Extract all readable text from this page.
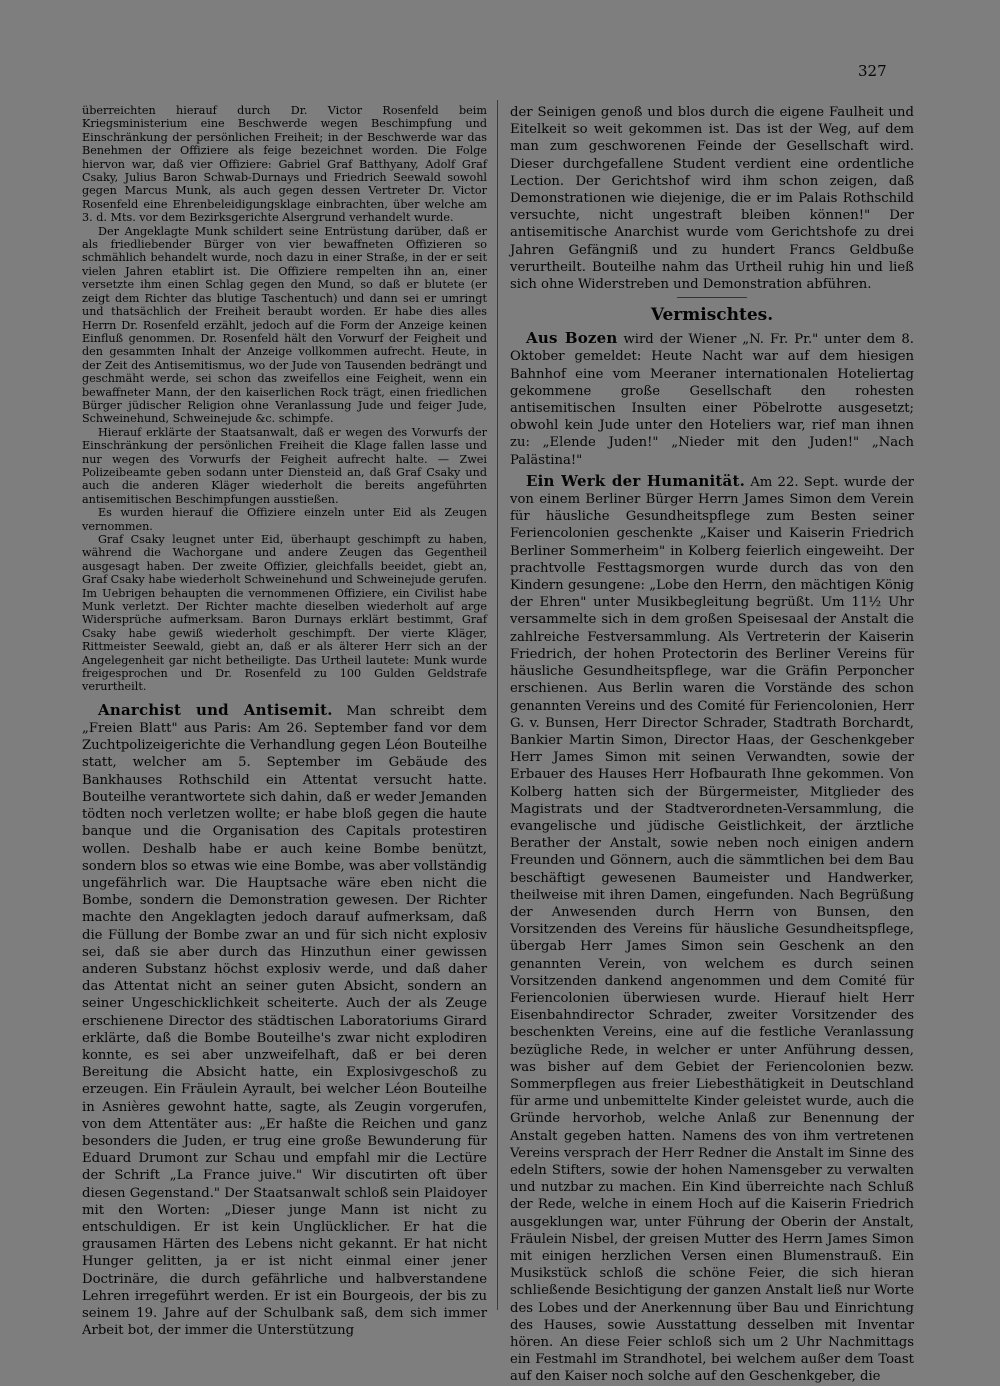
327

überreichten hierauf durch Dr. Victor Rosenfeld beim Kriegsministerium eine Beschwerde wegen Beschimpfung und Einschränkung der persönlichen Freiheit; in der Beschwerde war das Benehmen der Offiziere als feige bezeichnet worden. Die Folge hiervon war, daß vier Offiziere: Gabriel Graf Batthyany, Adolf Graf Csaky, Julius Baron Schwab-Durnays und Friedrich Seewald sowohl gegen Marcus Munk, als auch gegen dessen Vertreter Dr. Victor Rosenfeld eine Ehrenbeleidigungsklage einbrachten, über welche am 3. d. Mts. vor dem Bezirksgerichte Alsergrund verhandelt wurde.

Der Angeklagte Munk schildert seine Entrüstung darüber, daß er als friedliebender Bürger von vier bewaffneten Offizieren so schmählich behandelt wurde, noch dazu in einer Straße, in der er seit vielen Jahren etablirt ist. Die Offiziere rempelten ihn an, einer versetzte ihm einen Schlag gegen den Mund, so daß er blutete (er zeigt dem Richter das blutige Taschentuch) und dann sei er umringt und thatsächlich der Freiheit beraubt worden. Er habe dies alles Herrn Dr. Rosenfeld erzählt, jedoch auf die Form der Anzeige keinen Einfluß genommen. Dr. Rosenfeld hält den Vorwurf der Feigheit und den gesammten Inhalt der Anzeige vollkommen aufrecht. Heute, in der Zeit des Antisemitismus, wo der Jude von Tausenden bedrängt und geschmäht werde, sei schon das zweifellos eine Feigheit, wenn ein bewaffneter Mann, der den kaiserlichen Rock trägt, einen friedlichen Bürger jüdischer Religion ohne Veranlassung Jude und feiger Jude, Schweinehund, Schweinejude &c. schimpfe.

Hierauf erklärte der Staatsanwalt, daß er wegen des Vorwurfs der Einschränkung der persönlichen Freiheit die Klage fallen lasse und nur wegen des Vorwurfs der Feigheit aufrecht halte. — Zwei Polizeibeamte geben sodann unter Diensteid an, daß Graf Csaky und auch die anderen Kläger wiederholt die bereits angeführten antisemitischen Beschimpfungen ausstießen.

Es wurden hierauf die Offiziere einzeln unter Eid als Zeugen vernommen.

Graf Csaky leugnet unter Eid, überhaupt geschimpft zu haben, während die Wachorgane und andere Zeugen das Gegentheil ausgesagt haben. Der zweite Offizier, gleichfalls beeidet, giebt an, Graf Csaky habe wiederholt Schweinehund und Schweinejude gerufen. Im Uebrigen behaupten die vernommenen Offiziere, ein Civilist habe Munk verletzt. Der Richter machte dieselben wiederholt auf arge Widersprüche aufmerksam. Baron Durnays erklärt bestimmt, Graf Csaky habe gewiß wiederholt geschimpft. Der vierte Kläger, Rittmeister Seewald, giebt an, daß er als älterer Herr sich an der Angelegenheit gar nicht betheiligte. Das Urtheil lautete: Munk wurde freigesprochen und Dr. Rosenfeld zu 100 Gulden Geldstrafe verurtheilt.

Anarchist und Antisemit. Man schreibt dem „Freien Blatt" aus Paris: Am 26. September fand vor dem Zuchtpolizeigerichte die Verhandlung gegen Léon Bouteilhe statt, welcher am 5. September im Gebäude des Bankhauses Rothschild ein Attentat versucht hatte. Bouteilhe verantwortete sich dahin, daß er weder Jemanden tödten noch verletzen wollte; er habe bloß gegen die haute banque und die Organisation des Capitals protestiren wollen. Deshalb habe er auch keine Bombe benützt, sondern blos so etwas wie eine Bombe, was aber vollständig ungefährlich war. Die Hauptsache wäre eben nicht die Bombe, sondern die Demonstration gewesen. Der Richter machte den Angeklagten jedoch darauf aufmerksam, daß die Füllung der Bombe zwar an und für sich nicht explosiv sei, daß sie aber durch das Hinzuthun einer gewissen anderen Substanz höchst explosiv werde, und daß daher das Attentat nicht an seiner guten Absicht, sondern an seiner Ungeschicklichkeit scheiterte. Auch der als Zeuge erschienene Director des städtischen Laboratoriums Girard erklärte, daß die Bombe Bouteilhe's zwar nicht explodiren konnte, es sei aber unzweifelhaft, daß er bei deren Bereitung die Absicht hatte, ein Explosivgeschoß zu erzeugen. Ein Fräulein Ayrault, bei welcher Léon Bouteilhe in Asnières gewohnt hatte, sagte, als Zeugin vorgerufen, von dem Attentäter aus: „Er haßte die Reichen und ganz besonders die Juden, er trug eine große Bewunderung für Eduard Drumont zur Schau und empfahl mir die Lectüre der Schrift „La France juive." Wir discutirten oft über diesen Gegenstand." Der Staatsanwalt schloß sein Plaidoyer mit den Worten: „Dieser junge Mann ist nicht zu entschuldigen. Er ist kein Unglücklicher. Er hat die grausamen Härten des Lebens nicht gekannt. Er hat nicht Hunger gelitten, ja er ist nicht einmal einer jener Doctrinäre, die durch gefährliche und halbverstandene Lehren irregeführt werden. Er ist ein Bourgeois, der bis zu seinem 19. Jahre auf der Schulbank saß, dem sich immer Arbeit bot, der immer die Unterstützung

der Seinigen genoß und blos durch die eigene Faulheit und Eitelkeit so weit gekommen ist. Das ist der Weg, auf dem man zum geschworenen Feinde der Gesellschaft wird. Dieser durchgefallene Student verdient eine ordentliche Lection. Der Gerichtshof wird ihm schon zeigen, daß Demonstrationen wie diejenige, die er im Palais Rothschild versuchte, nicht ungestraft bleiben können!" Der antisemitische Anarchist wurde vom Gerichtshofe zu drei Jahren Gefängniß und zu hundert Francs Geldbuße verurtheilt. Bouteilhe nahm das Urtheil ruhig hin und ließ sich ohne Widerstreben und Demonstration abführen.

Vermischtes.

Aus Bozen wird der Wiener „N. Fr. Pr." unter dem 8. Oktober gemeldet: Heute Nacht war auf dem hiesigen Bahnhof eine vom Meeraner internationalen Hoteliertag gekommene große Gesellschaft den rohesten antisemitischen Insulten einer Pöbelrotte ausgesetzt; obwohl kein Jude unter den Hoteliers war, rief man ihnen zu: „Elende Juden!" „Nieder mit den Juden!" „Nach Palästina!"

Ein Werk der Humanität. Am 22. Sept. wurde der von einem Berliner Bürger Herrn James Simon dem Verein für häusliche Gesundheitspflege zum Besten seiner Feriencolonien geschenkte „Kaiser und Kaiserin Friedrich Berliner Sommerheim" in Kolberg feierlich eingeweiht. Der prachtvolle Festtagsmorgen wurde durch das von den Kindern gesungene: „Lobe den Herrn, den mächtigen König der Ehren" unter Musikbegleitung begrüßt. Um 11½ Uhr versammelte sich in dem großen Speisesaal der Anstalt die zahlreiche Festversammlung. Als Vertreterin der Kaiserin Friedrich, der hohen Protectorin des Berliner Vereins für häusliche Gesundheitspflege, war die Gräfin Perponcher erschienen. Aus Berlin waren die Vorstände des schon genannten Vereins und des Comité für Feriencolonien, Herr G. v. Bunsen, Herr Director Schrader, Stadtrath Borchardt, Bankier Martin Simon, Director Haas, der Geschenkgeber Herr James Simon mit seinen Verwandten, sowie der Erbauer des Hauses Herr Hofbaurath Ihne gekommen. Von Kolberg hatten sich der Bürgermeister, Mitglieder des Magistrats und der Stadtverordneten-Versammlung, die evangelische und jüdische Geistlichkeit, der ärztliche Berather der Anstalt, sowie neben noch einigen andern Freunden und Gönnern, auch die sämmtlichen bei dem Bau beschäftigt gewesenen Baumeister und Handwerker, theilweise mit ihren Damen, eingefunden. Nach Begrüßung der Anwesenden durch Herrn von Bunsen, den Vorsitzenden des Vereins für häusliche Gesundheitspflege, übergab Herr James Simon sein Geschenk an den genannten Verein, von welchem es durch seinen Vorsitzenden dankend angenommen und dem Comité für Feriencolonien überwiesen wurde. Hierauf hielt Herr Eisenbahndirector Schrader, zweiter Vorsitzender des beschenkten Vereins, eine auf die festliche Veranlassung bezügliche Rede, in welcher er unter Anführung dessen, was bisher auf dem Gebiet der Feriencolonien bezw. Sommerpflegen aus freier Liebesthätigkeit in Deutschland für arme und unbemittelte Kinder geleistet wurde, auch die Gründe hervorhob, welche Anlaß zur Benennung der Anstalt gegeben hatten. Namens des von ihm vertretenen Vereins versprach der Herr Redner die Anstalt im Sinne des edeln Stifters, sowie der hohen Namensgeber zu verwalten und nutzbar zu machen. Ein Kind überreichte nach Schluß der Rede, welche in einem Hoch auf die Kaiserin Friedrich ausgeklungen war, unter Führung der Oberin der Anstalt, Fräulein Nisbel, der greisen Mutter des Herrn James Simon mit einigen herzlichen Versen einen Blumenstrauß. Ein Musikstück schloß die schöne Feier, die sich hieran schließende Besichtigung der ganzen Anstalt ließ nur Worte des Lobes und der Anerkennung über Bau und Einrichtung des Hauses, sowie Ausstattung desselben mit Inventar hören. An diese Feier schloß sich um 2 Uhr Nachmittags ein Festmahl im Strandhotel, bei welchem außer dem Toast auf den Kaiser noch solche auf den Geschenkgeber, die
